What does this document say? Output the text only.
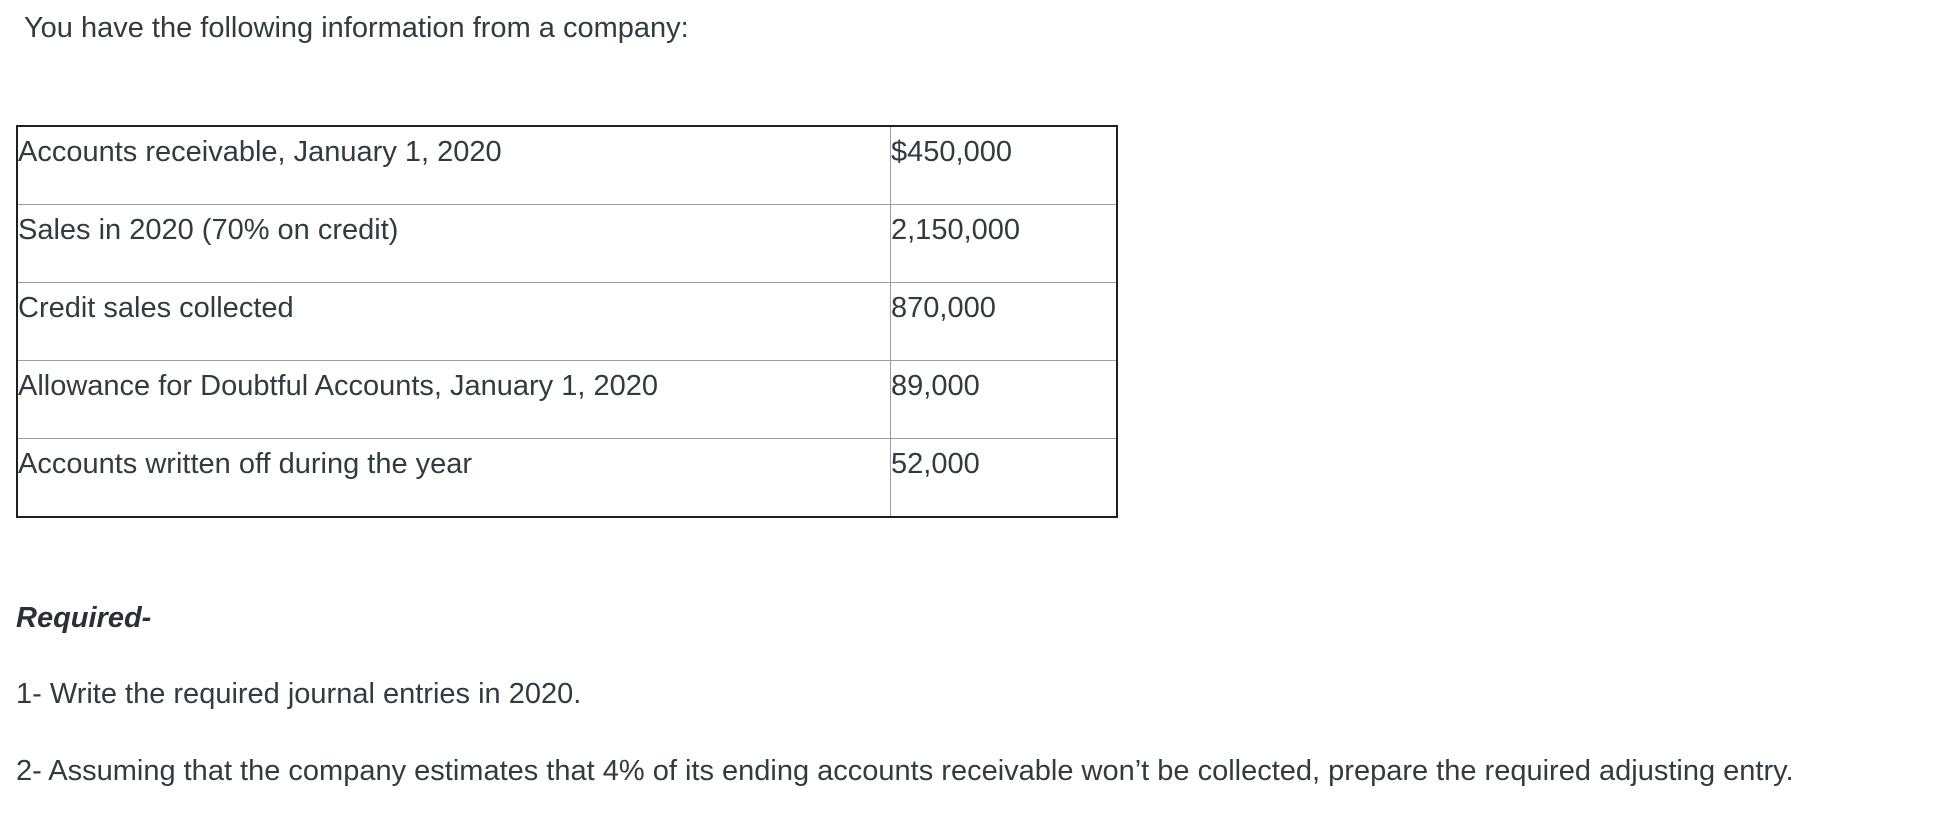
You have the following information from a company:

Accounts receivable, January 1, 2020	$450,000
Sales in 2020 (70% on credit)	2,150,000
Credit sales collected	870,000
Allowance for Doubtful Accounts, January 1, 2020	89,000
Accounts written off during the year	52,000

Required-

1- Write the required journal entries in 2020.

2- Assuming that the company estimates that 4% of its ending accounts receivable won’t be collected, prepare the required adjusting entry.
